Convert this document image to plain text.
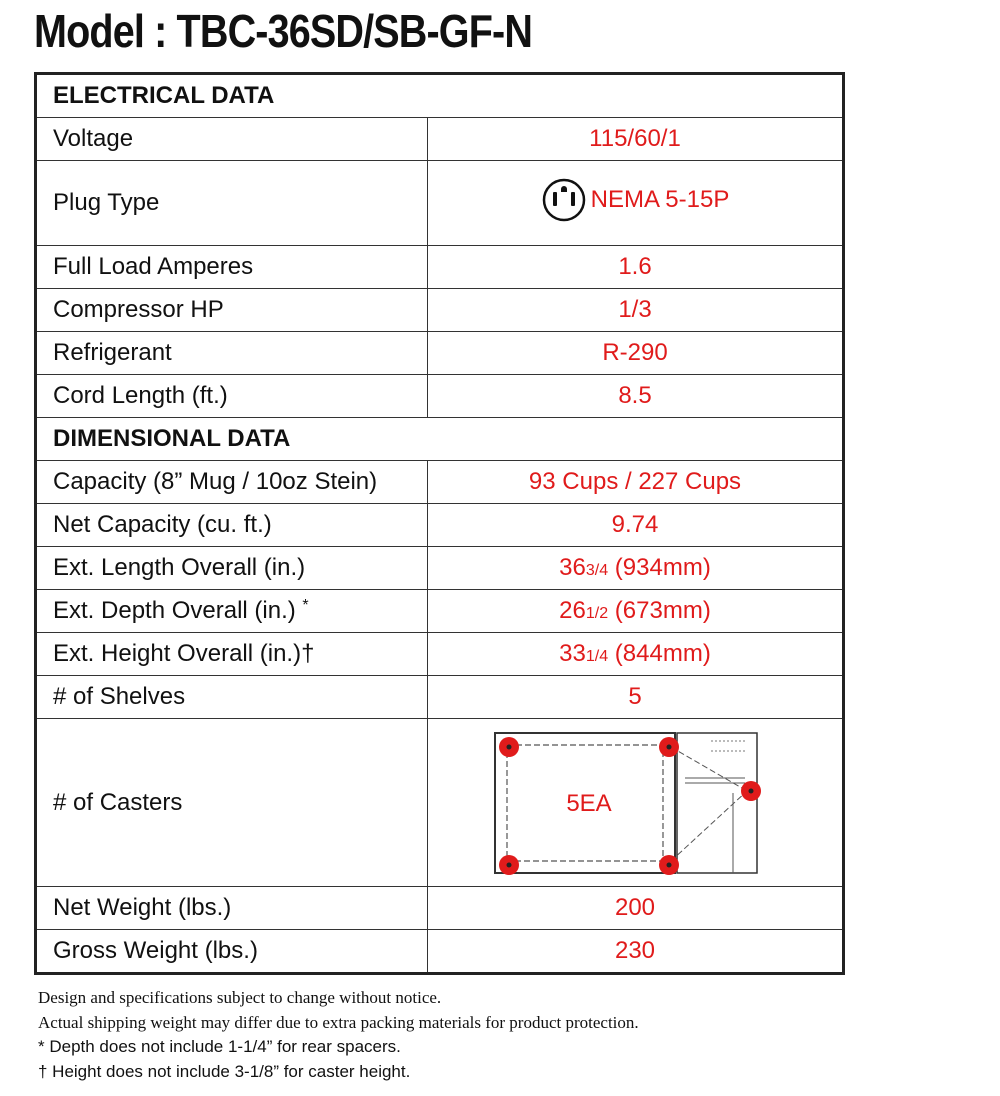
Model : TBC-36SD/SB-GF-N
ELECTRICAL DATA	
Voltage	115/60/1
Plug Type	NEMA 5-15P

Full Load Amperes	1.6
Compressor HP	1/3
Refrigerant	R-290
Cord Length (ft.)	8.5
DIMENSIONAL DATA	
Capacity (8” Mug / 10oz Stein)	93 Cups / 227 Cups
Net Capacity (cu. ft.)	9.74
Ext. Length Overall (in.)	363/4 (934mm)
Ext. Depth Overall (in.) *	261/2 (673mm)
Ext. Height Overall (in.)†	331/4 (844mm)
# of Shelves	5
# of Casters	5EA

Net Weight (lbs.)	200
Gross Weight (lbs.)	230
Design and specifications subject to change without notice.
Actual shipping weight may differ due to extra packing materials for product protection.
* Depth does not include 1-1/4” for rear spacers.
† Height does not include 3-1/8” for caster height.
